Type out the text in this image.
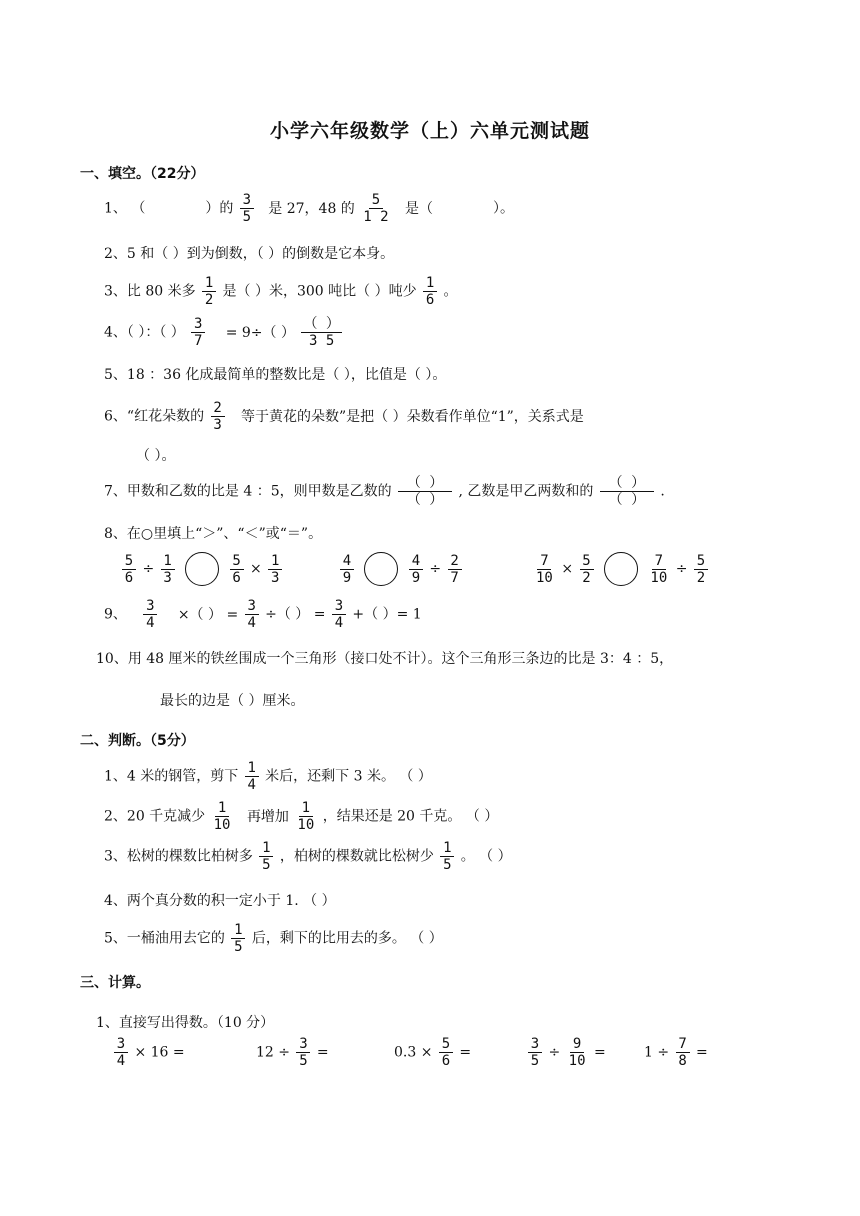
小学六年级数学（上）六单元测试题
一、填空。（22分）
1、 （	）的 $\frac{3}{5}$ 是 27，48 的 $\frac{5}{1 2}$ 是（	）。
2、5 和（ ）到为倒数，（ ）的倒数是它本身。
3、比 80 米多 $\frac{1}{2}$ 是（ ）米，300 吨比（ ）吨少 $\frac{1}{6}$ 。
4、（ ）：（ ） $\frac{3}{7} = 9\div$（ ） $\frac{( )}{3 5}$
5、18 ：36 化成最简单的整数比是（ ），比值是（ ）。
6、“红花朵数的 $\frac{2}{3}$ 等于黄花的朵数”是把（ ）朵数看作单位“1”，关系式是
（ ）。
7、甲数和乙数的比是 4 ：5，则甲数是乙数的 $\frac{( )}{( )}$ , 乙数是甲乙两数和的 $\frac{( )}{( )}$ .
8、在○里填上“＞”、“＜”或“＝”。
$\frac{5}{6} \div \frac{1}{3}$
	$\frac{5}{6} \times \frac{1}{3}$	$\frac{4}{9}$
	$\frac{4}{9} \div \frac{2}{7}$	$\frac{7}{10} \times \frac{5}{2}$
	$\frac{7}{10} \div \frac{5}{2}$
9、 $\frac{3}{4}$ ×（ ） = $\frac{3}{4}$ ÷（ ） = $\frac{3}{4}$ +（ ）= 1
10、用 48 厘米的铁丝围成一个三角形（接口处不计）。这个三角形三条边的比是 3：4 ：5，
最长的边是（ ）厘米。
二、判断。（5分）
1、4 米的钢管，剪下 $\frac{1}{4}$ 米后，还剩下 3 米。 （ ）
2、20 千克减少 $\frac{1}{10}$ 再增加 $\frac{1}{10}$ ，结果还是 20 千克。 （ ）
3、松树的棵数比柏树多 $\frac{1}{5}$ ，柏树的棵数就比松树少 $\frac{1}{5}$ 。 （ ）
4、两个真分数的积一定小于 1. （ ）
5、一桶油用去它的 $\frac{1}{5}$ 后，剩下的比用去的多。 （ ）
三、计算。
1、直接写出得数。（10 分）
$\frac{3}{4} \times 16$ =	$12 \div \frac{3}{5}$ =	$0.3 \times \frac{5}{6}$ =	$\frac{3}{5} \div \frac{9}{10}$ =	$1 \div \frac{7}{8}$ =
